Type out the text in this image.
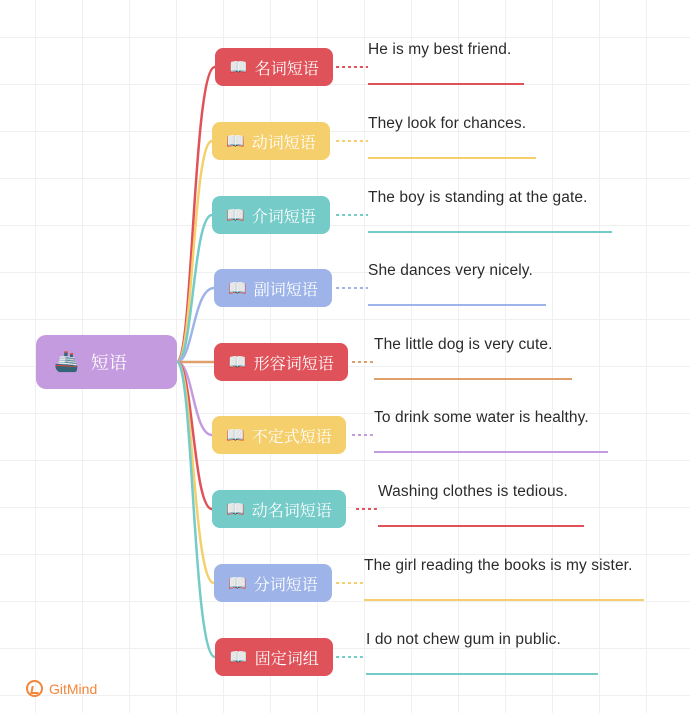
🚢 短语
📖 名词短语
He is my best friend.
📖 动词短语
They look for chances.
📖 介词短语
The boy is standing at the gate.
📖 副词短语
She dances very nicely.
📖 形容词短语
The little dog is very cute.
📖 不定式短语
To drink some water is healthy.
📖 动名词短语
Washing clothes is tedious.
📖 分词短语
The girl reading the books is my sister.
📖 固定词组
I do not chew gum in public.
GitMind
